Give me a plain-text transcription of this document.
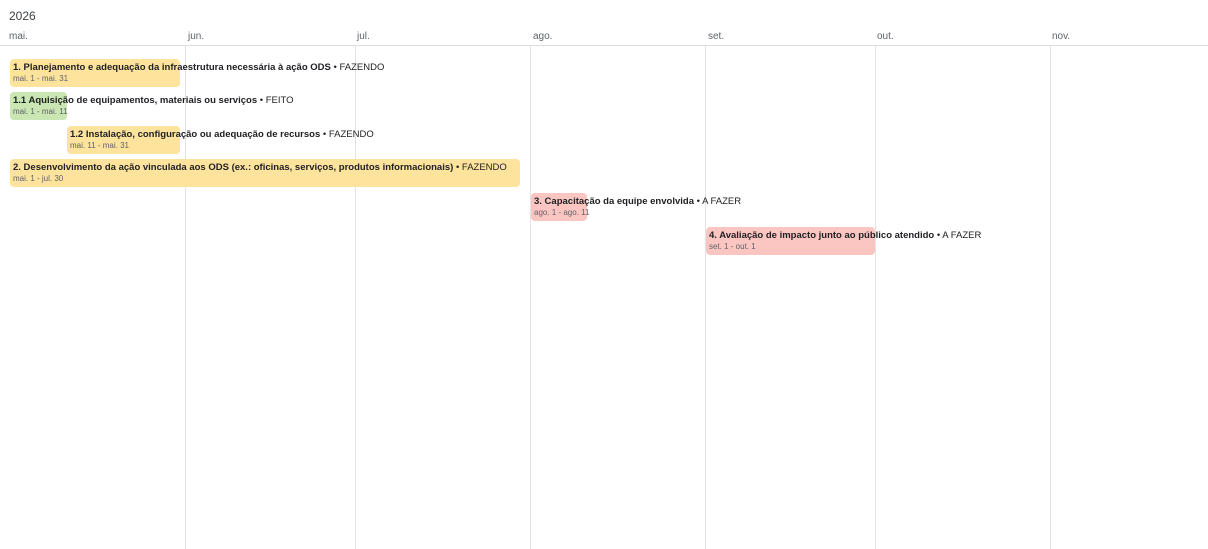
2026
mai.	jun.	jul.	ago.	set.	out.	nov.
1. Planejamento e adequação da infraestrutura necessária à ação ODS • FAZENDO
mai. 1 - mai. 31
1.1 Aquisição de equipamentos, materiais ou serviços • FEITO
mai. 1 - mai. 11
1.2 Instalação, configuração ou adequação de recursos • FAZENDO
mai. 11 - mai. 31
2. Desenvolvimento da ação vinculada aos ODS (ex.: oficinas, serviços, produtos informacionais) • FAZENDO
mai. 1 - jul. 30
3. Capacitação da equipe envolvida • A FAZER
ago. 1 - ago. 11
4. Avaliação de impacto junto ao público atendido • A FAZER
set. 1 - out. 1
